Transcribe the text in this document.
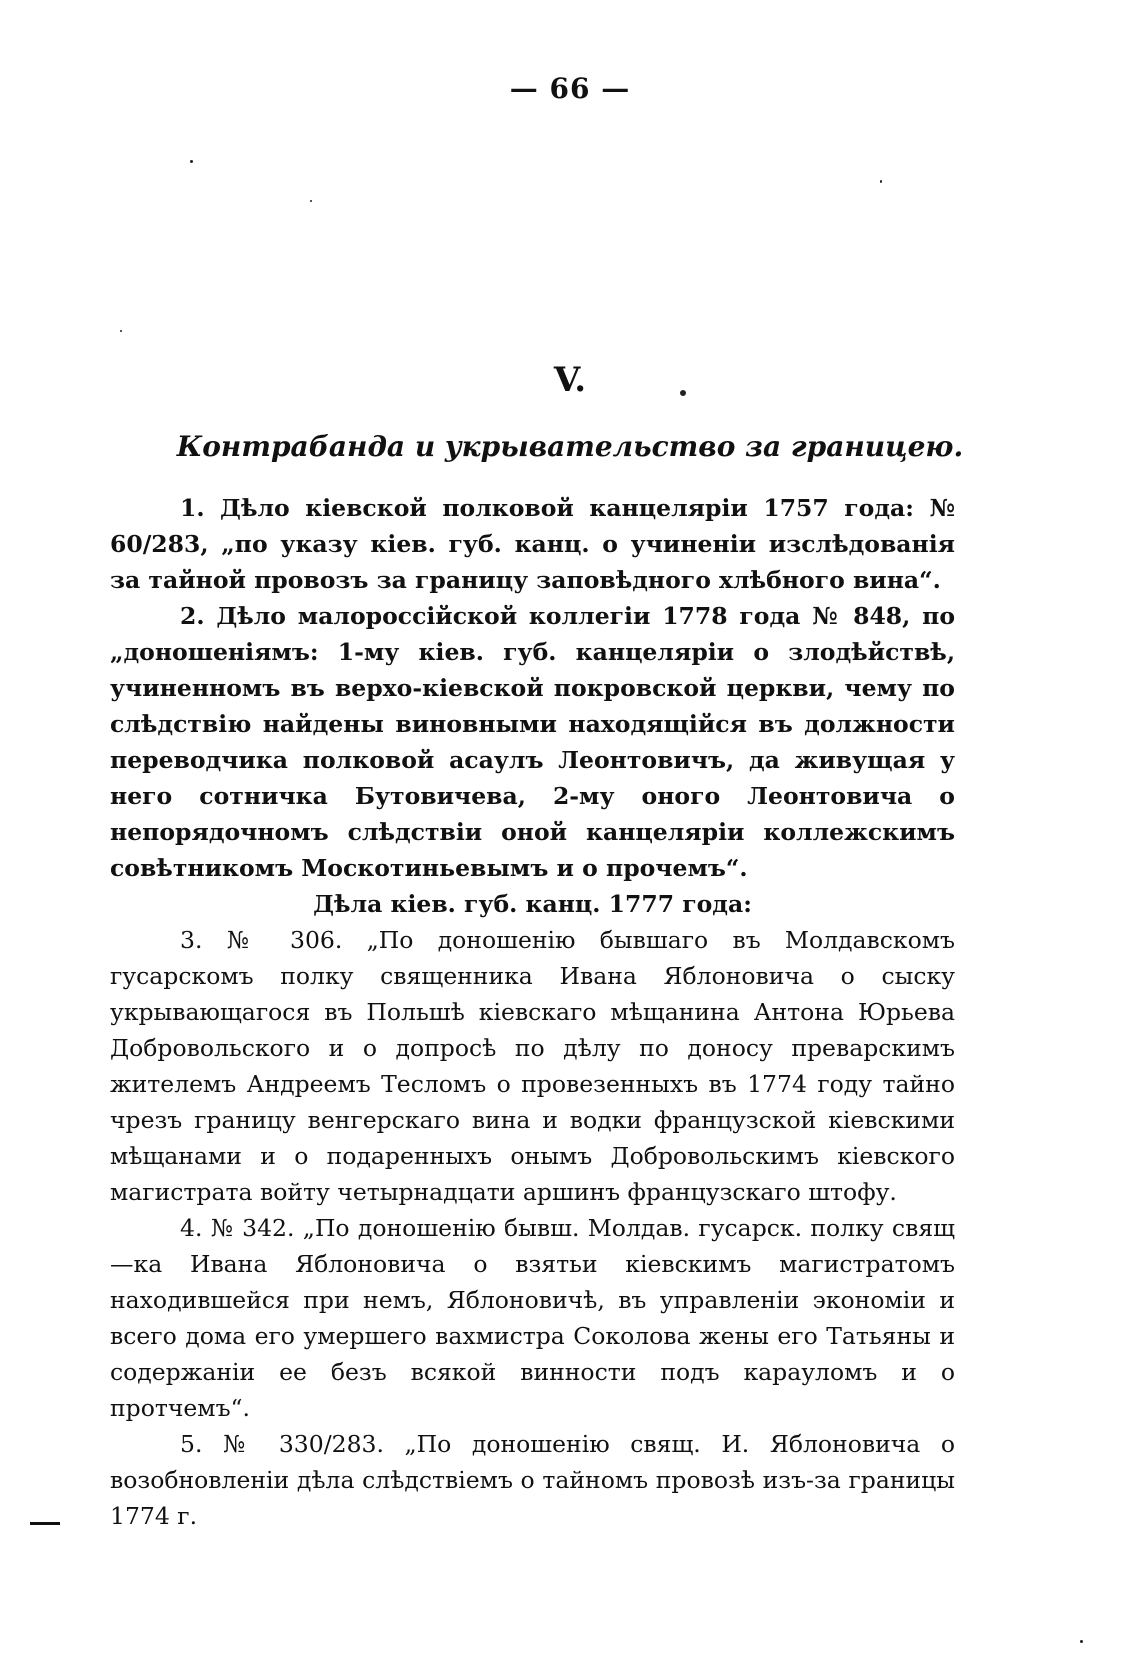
— 66 —
V.
Контрабанда и укрывательство за границею.

1. Дѣло кіевской полковой канцеляріи 1757 года: № 60/283, „по указу кіев. губ. канц. о учиненіи изслѣдованія за тайной провозъ за границу заповѣдного хлѣбного вина“.

2. Дѣло малороссійской коллегіи 1778 года № 848, по „доношеніямъ: 1-му кіев. губ. канцеляріи о злодѣйствѣ, учиненномъ въ верхо-кіевской покровской церкви, чему по слѣдствію найдены виновными находящійся въ должности переводчика полковой асаулъ Леонтовичъ, да живущая у него сотничка Бутовичева, 2-му оного Леонтовича о непорядочномъ слѣдствіи оной канцеляріи коллежскимъ совѣтникомъ Москотиньевымъ и о прочемъ“.

Дѣла кіев. губ. канц. 1777 года:

3. № 306. „По доношенію бывшаго въ Молдавскомъ гусарскомъ полку священника Ивана Яблоновича о сыску укрывающагося въ Польшѣ кіевскаго мѣщанина Антона Юрьева Добровольского и о допросѣ по дѣлу по доносу преварскимъ жителемъ Андреемъ Тесломъ о провезенныхъ въ 1774 году тайно чрезъ границу венгерскаго вина и водки французской кіевскими мѣщанами и о подаренныхъ онымъ Добровольскимъ кіевского магистрата войту четырнадцати аршинъ французскаго штофу.

4. № 342. „По доношенію бывш. Молдав. гусарск. полку свящ—ка Ивана Яблоновича о взятьи кіевскимъ магистратомъ находившейся при немъ, Яблоновичѣ, въ управленіи экономіи и всего дома его умершего вахмистра Соколова жены его Татьяны и содержаніи ее безъ всякой винности подъ карауломъ и о протчемъ“.

5. № 330/283. „По доношенію свящ. И. Яблоновича о возобновленіи дѣла слѣдствіемъ о тайномъ провозѣ изъ-за границы 1774 г.
